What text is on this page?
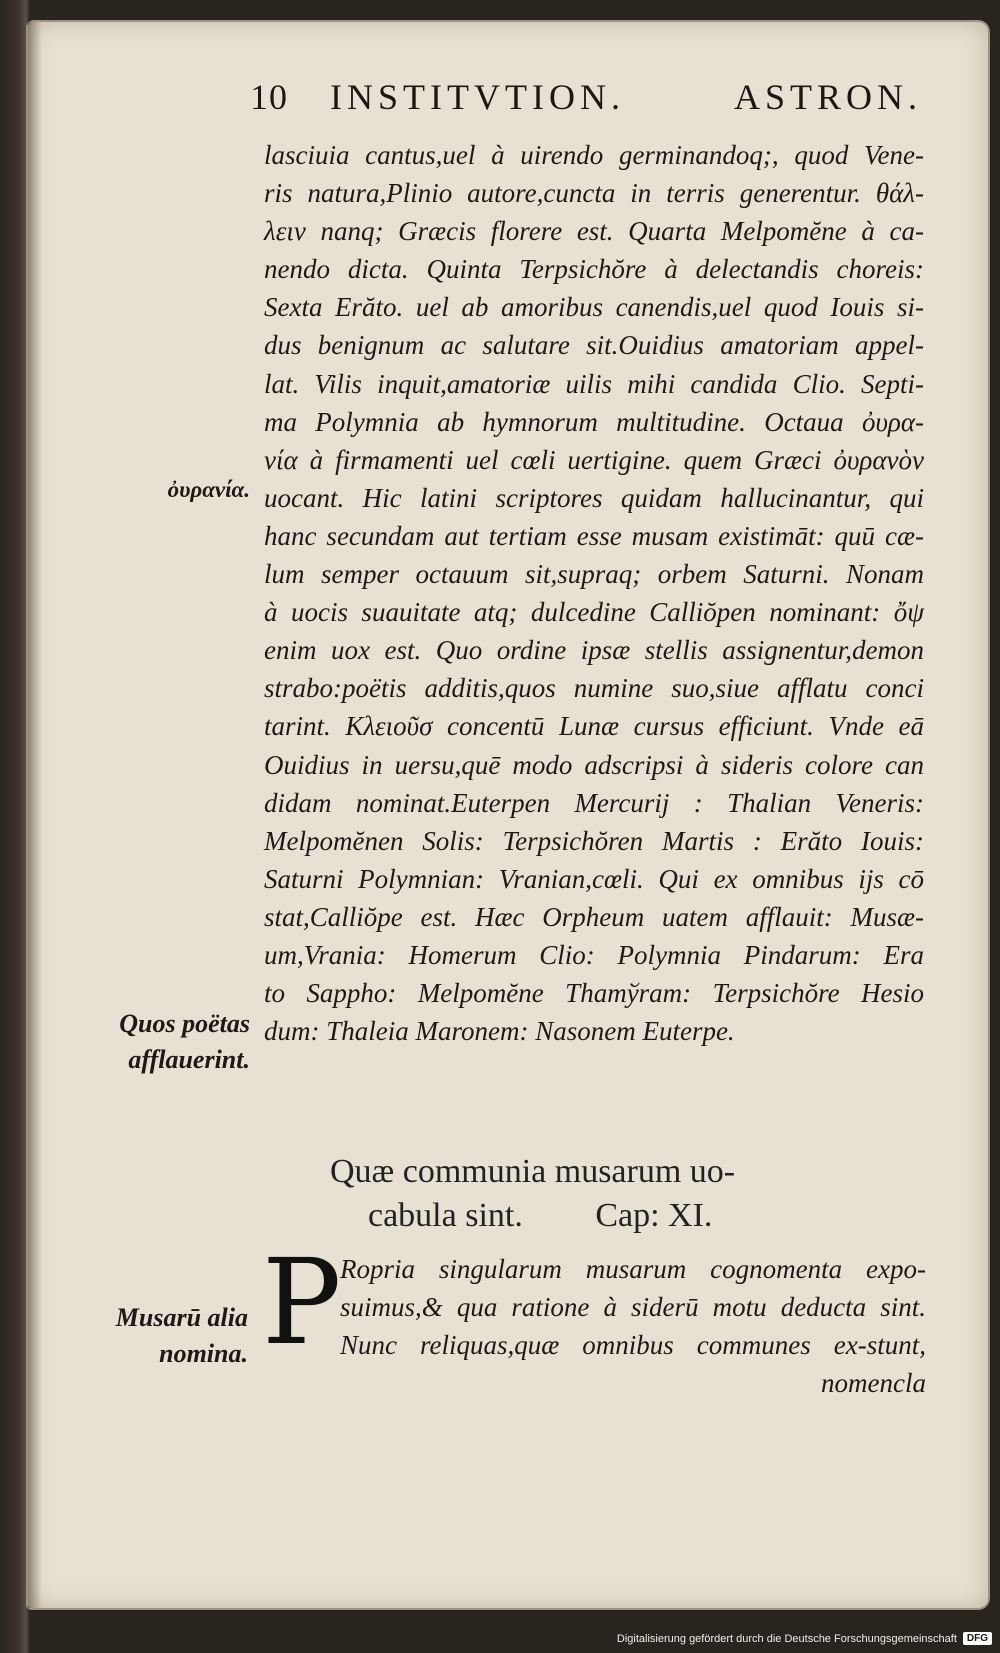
10 INSTITVTION.	ASTRON.
ὀυρανία.
Quos poëtas
afflauerint.
Musarū alia
nomina.
lasciuia cantus,uel à uirendo germinandoq;, quod Vene-
ris natura,Plinio autore,cuncta in terris generentur. θάλ-
λειν nanq; Græcis florere est. Quarta Melpomĕne à ca-
nendo dicta. Quinta Terpsichŏre à delectandis choreis:
Sexta Erăto. uel ab amoribus canendis,uel quod Iouis si-
dus benignum ac salutare sit.Ouidius amatoriam appel-
lat. Vilis inquit,amatoriæ uilis mihi candida Clio. Septi-
ma Polymnia ab hymnorum multitudine. Octaua ὀυρα-
νία à firmamenti uel cœli uertigine. quem Græci ὀυρανὸν
uocant. Hic latini scriptores quidam hallucinantur, qui
hanc secundam aut tertiam esse musam existimāt: quū cæ-
lum semper octauum sit,supraq; orbem Saturni. Nonam
à uocis suauitate atq; dulcedine Calliŏpen nominant: ὄψ
enim uox est. Quo ordine ipsæ stellis assignentur,demon
strabo:poëtis additis,quos numine suo,siue afflatu conci
tarint. Κλειοῦσ concentū Lunæ cursus efficiunt. Vnde eā
Ouidius in uersu,quē modo adscripsi à sideris colore can
didam nominat.Euterpen Mercurij : Thalian Veneris:
Melpomĕnen Solis: Terpsichŏren Martis : Erăto Iouis:
Saturni Polymnian: Vranian,cœli. Qui ex omnibus ijs cō
stat,Calliŏpe est. Hæc Orpheum uatem afflauit: Musæ-
um,Vrania: Homerum Clio: Polymnia Pindarum: Era
to Sappho: Melpomĕne Thamўram: Terpsichŏre Hesio
dum: Thaleia Maronem: Nasonem Euterpe.
Quæ communia musarum uo-
cabula sint. Cap: XI.
P
Ropria singularum musarum cognomenta expo-
suimus,& qua ratione à siderū motu deducta sint.
Nunc reliquas,quæ omnibus communes ex-stunt,
nomencla
Digitalisierung gefördert durch die Deutsche Forschungsgemeinschaft	DFG
